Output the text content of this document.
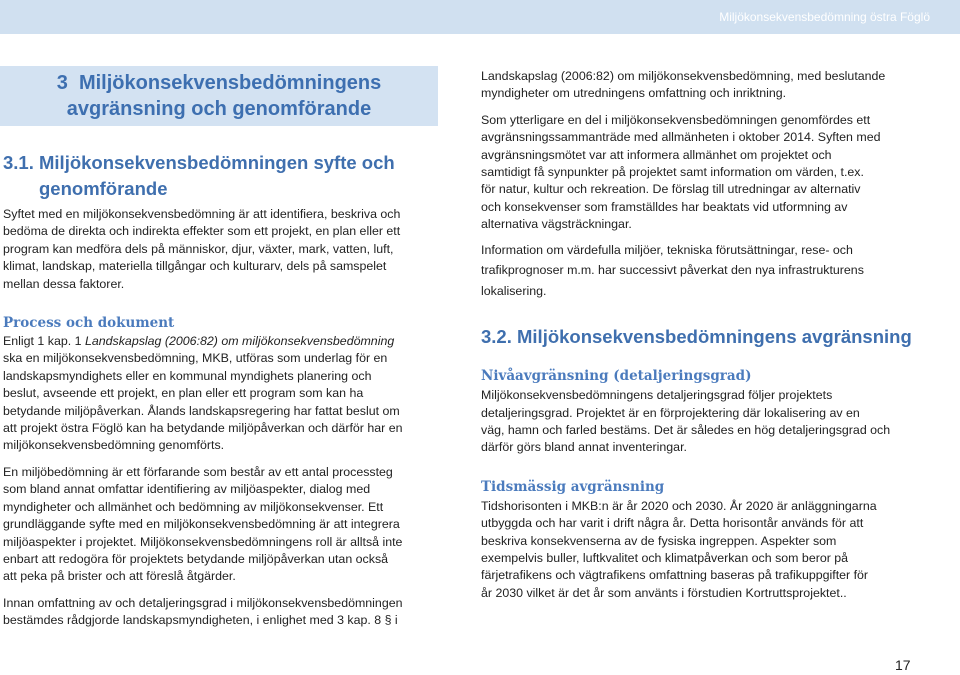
Miljökonsekvensbedömning östra Föglö
3 Miljökonsekvensbedömningens
avgränsning och genomförande
3.1. Miljökonsekvensbedömningen syfte och
genomförande
Syftet med en miljökonsekvensbedömning är att identifiera, beskriva och
bedöma de direkta och indirekta effekter som ett projekt, en plan eller ett
program kan medföra dels på människor, djur, växter, mark, vatten, luft,
klimat, landskap, materiella tillgångar och kulturarv, dels på samspelet
mellan dessa faktorer.
Process och dokument
Enligt 1 kap. 1 Landskapslag (2006:82) om miljökonsekvensbedömning
ska en miljökonsekvensbedömning, MKB, utföras som underlag för en
landskapsmyndighets eller en kommunal myndighets planering och
beslut, avseende ett projekt, en plan eller ett program som kan ha
betydande miljöpåverkan. Ålands landskapsregering har fattat beslut om
att projekt östra Föglö kan ha betydande miljöpåverkan och därför har en
miljökonsekvensbedömning genomförts.
En miljöbedömning är ett förfarande som består av ett antal processteg
som bland annat omfattar identifiering av miljöaspekter, dialog med
myndigheter och allmänhet och bedömning av miljökonsekvenser. Ett
grundläggande syfte med en miljökonsekvensbedömning är att integrera
miljöaspekter i projektet. Miljökonsekvensbedömningens roll är alltså inte
enbart att redogöra för projektets betydande miljöpåverkan utan också
att peka på brister och att föreslå åtgärder.
Innan omfattning av och detaljeringsgrad i miljökonsekvensbedömningen
bestämdes rådgjorde landskapsmyndigheten, i enlighet med 3 kap. 8 § i
Landskapslag (2006:82) om miljökonsekvensbedömning, med beslutande
myndigheter om utredningens omfattning och inriktning.
Som ytterligare en del i miljökonsekvensbedömningen genomfördes ett
avgränsningssammanträde med allmänheten i oktober 2014. Syften med
avgränsningsmötet var att informera allmänhet om projektet och
samtidigt få synpunkter på projektet samt information om värden, t.ex.
för natur, kultur och rekreation. De förslag till utredningar av alternativ
och konsekvenser som framställdes har beaktats vid utformning av
alternativa vägsträckningar.
Information om värdefulla miljöer, tekniska förutsättningar, rese- och
trafikprognoser m.m. har successivt påverkat den nya infrastrukturens
lokalisering.
3.2. Miljökonsekvensbedömningens avgränsning
Nivåavgränsning (detaljeringsgrad)
Miljökonsekvensbedömningens detaljeringsgrad följer projektets
detaljeringsgrad. Projektet är en förprojektering där lokalisering av en
väg, hamn och farled bestäms. Det är således en hög detaljeringsgrad och
därför görs bland annat inventeringar.
Tidsmässig avgränsning
Tidshorisonten i MKB:n är år 2020 och 2030. År 2020 är anläggningarna
utbyggda och har varit i drift några år. Detta horisontår används för att
beskriva konsekvenserna av de fysiska ingreppen. Aspekter som
exempelvis buller, luftkvalitet och klimatpåverkan och som beror på
färjetrafikens och vägtrafikens omfattning baseras på trafikuppgifter för
år 2030 vilket är det år som använts i förstudien Kortruttsprojektet..
17
